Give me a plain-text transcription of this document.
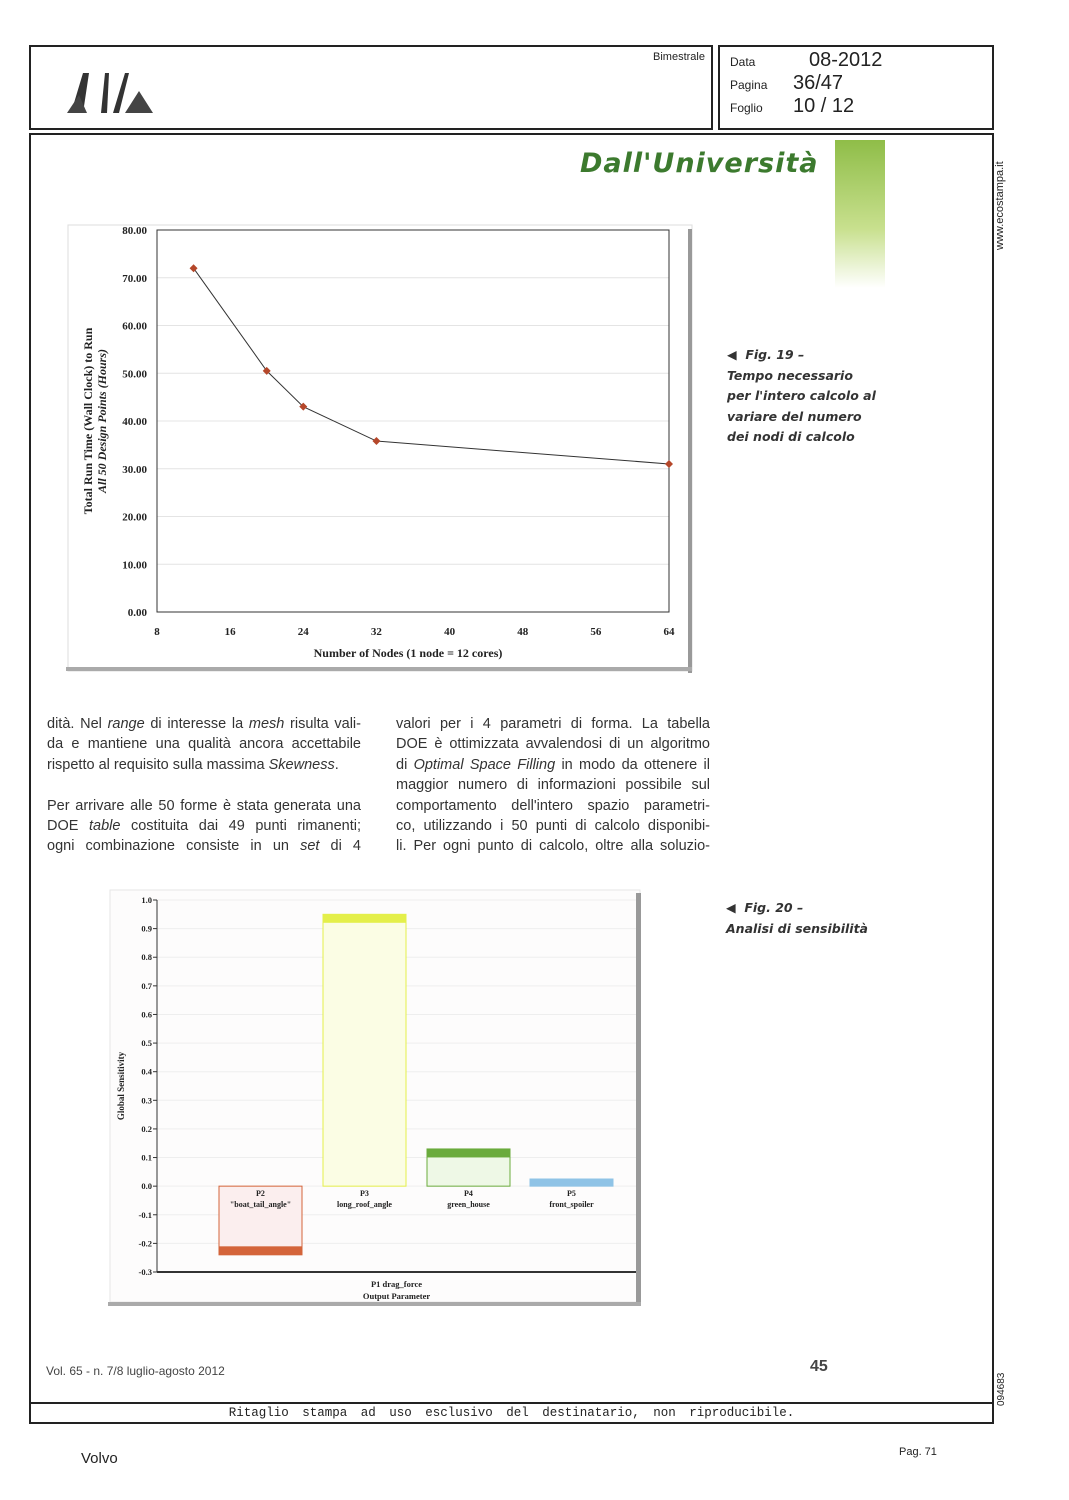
Bimestrale Data	08-2012
Pagina 36/47
Foglio 10 / 12
Dall'Università	www.ecostampa.it
094683
0.00
10.00
20.00
30.00
40.00
50.00
60.00
70.00
80.00
8	16	24	32	40	48	56	64
Number of Nodes (1 node = 12 cores)
Total Run Time (Wall Clock) to Run All 50 Design Points (Hours)	◀ Fig. 19 –
Tempo necessario
per l'intero calcolo al
variare del numero
dei nodi di calcolo

dità. Nel range di interesse la mesh risulta vali-

da e mantiene una qualità ancora accettabile

rispetto al requisito sulla massima Skewness.

Per arrivare alle 50 forme è stata generata una

DOE table costituita dai 49 punti rimanenti;

ogni combinazione consiste in un set di 4

valori per i 4 parametri di forma. La tabella

DOE è ottimizzata avvalendosi di un algoritmo

di Optimal Space Filling in modo da ottenere il

maggior numero di informazioni possibile sul

comportamento dell'intero spazio parametri-

co, utilizzando i 50 punti di calcolo disponibi-

li. Per ogni punto di calcolo, oltre alla soluzio-

-0.3
-0.2
-0.1
0.0
0.1
0.2
0.3
0.4
0.5
0.6
0.7
0.8
0.9
1.0
P2
"boat_tail_angle"
P3
long_roof_angle
P4
green_house
P5
front_spoiler
P1 drag_force
Output Parameter
Global Sensitivity
◀ Fig. 20 –
Analisi di sensibilità
Vol. 65 - n. 7/8 luglio-agosto 2012	45
Ritaglio stampa ad uso esclusivo del destinatario, non riproducibile.
Volvo	Pag. 71
